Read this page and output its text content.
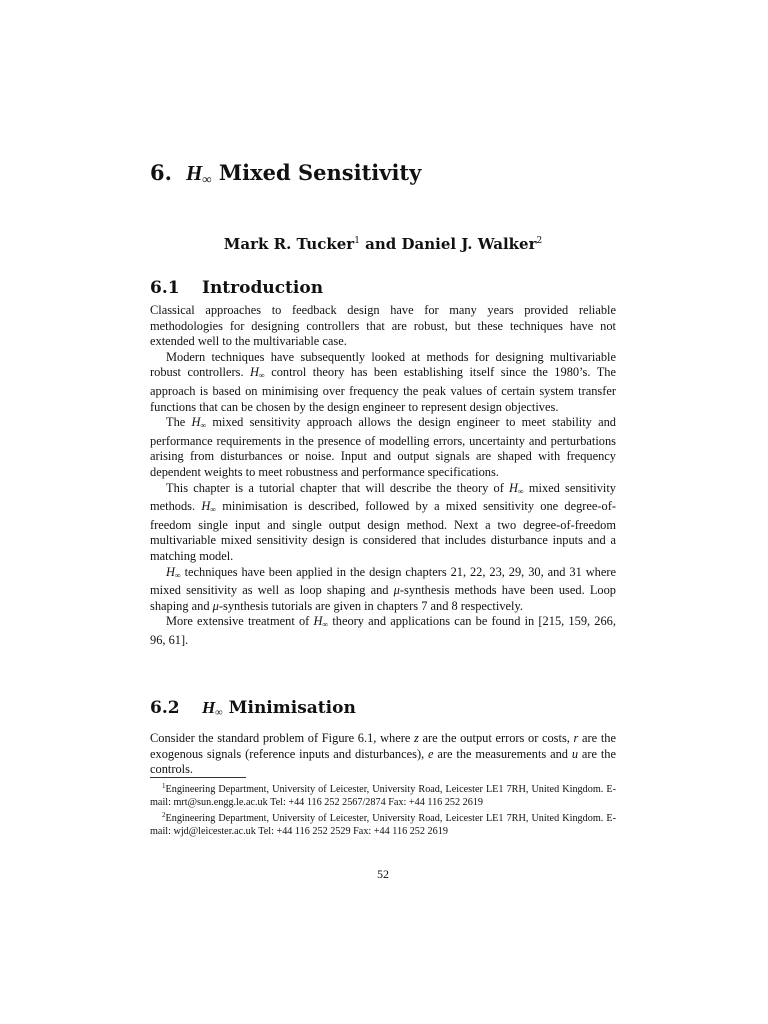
6. $H_\infty$ Mixed Sensitivity
Mark R. Tucker$^1$ and Daniel J. Walker$^2$
6.1 Introduction

Classical approaches to feedback design have for many years provided reliable methodologies for designing controllers that are robust, but these techniques have not extended well to the multivariable case.

Modern techniques have subsequently looked at methods for designing multivariable robust controllers. $H_\infty$ control theory has been establishing itself since the 1980’s. The approach is based on minimising over frequency the peak values of certain system transfer functions that can be chosen by the design engineer to represent design objectives.

The $H_\infty$ mixed sensitivity approach allows the design engineer to meet stability and performance requirements in the presence of modelling errors, uncertainty and perturbations arising from disturbances or noise. Input and output signals are shaped with frequency dependent weights to meet robustness and performance specifications.

This chapter is a tutorial chapter that will describe the theory of $H_\infty$ mixed sensitivity methods. $H_\infty$ minimisation is described, followed by a mixed sensitivity one degree-of-freedom single input and single output design method. Next a two degree-of-freedom multivariable mixed sensitivity design is considered that includes disturbance inputs and a matching model.

$H_\infty$ techniques have been applied in the design chapters 21, 22, 23, 29, 30, and 31 where mixed sensitivity as well as loop shaping and μ-synthesis methods have been used. Loop shaping and μ-synthesis tutorials are given in chapters 7 and 8 respectively.

More extensive treatment of $H_\infty$ theory and applications can be found in [215, 159, 266, 96, 61].

6.2 $H_\infty$ Minimisation

Consider the standard problem of Figure 6.1, where z are the output errors or costs, r are the exogenous signals (reference inputs and disturbances), e are the measurements and u are the controls.

$^1$Engineering Department, University of Leicester, University Road, Leicester LE1 7RH, United Kingdom. E-mail: mrt@sun.engg.le.ac.uk Tel: +44 116 252 2567/2874 Fax: +44 116 252 2619

$^2$Engineering Department, University of Leicester, University Road, Leicester LE1 7RH, United Kingdom. E-mail: wjd@leicester.ac.uk Tel: +44 116 252 2529 Fax: +44 116 252 2619

52
